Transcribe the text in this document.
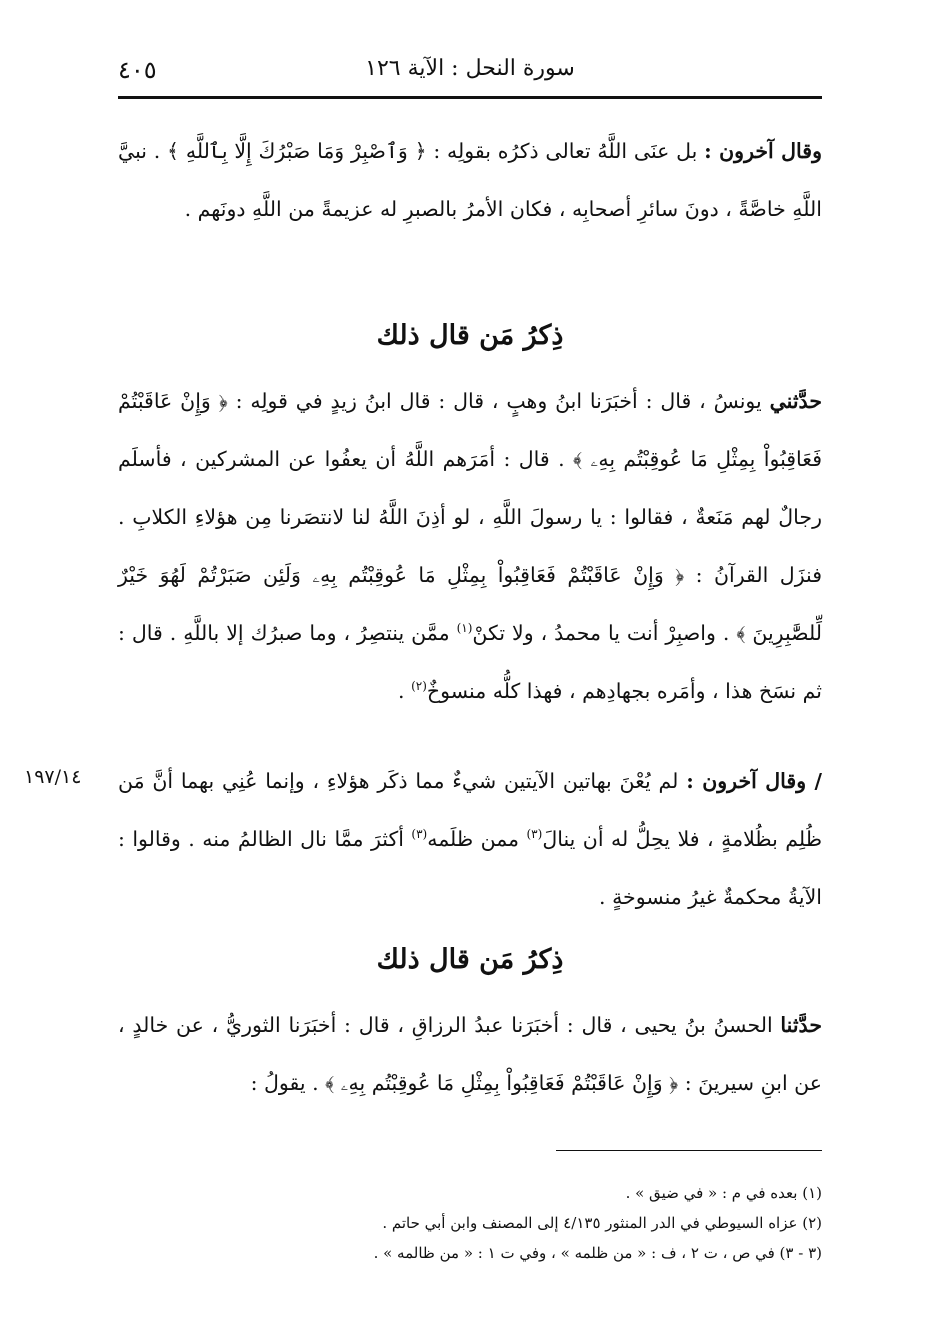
٤٠٥	سورة النحل : الآية ١٢٦

وقال آخرون : بل عنَى اللَّهُ تعالى ذكرُه بقولِه : ﴿ وَٱصْبِرْ وَمَا صَبْرُكَ إِلَّا بِٱللَّهِ ﴾ . نبيَّ اللَّهِ خاصَّةً ، دونَ سائرِ أصحابِه ، فكان الأمرُ بالصبرِ له عزيمةً من اللَّهِ دونَهم .

ذِكرُ مَن قال ذلك

حدَّثني يونسُ ، قال : أخبَرَنا ابنُ وهبٍ ، قال : قال ابنُ زيدٍ في قولِه : ﴿ وَإِنْ عَاقَبْتُمْ فَعَاقِبُواْ بِمِثْلِ مَا عُوقِبْتُم بِهِۦ ﴾ . قال : أمَرَهم اللَّهُ أن يعفُوا عن المشركين ، فأسلَم رجالٌ لهم مَنَعةٌ ، فقالوا : يا رسولَ اللَّهِ ، لو أذِنَ اللَّهُ لنا لانتصَرنا مِن هؤلاءِ الكلابِ . فنزَل القرآنُ : ﴿ وَإِنْ عَاقَبْتُمْ فَعَاقِبُواْ بِمِثْلِ مَا عُوقِبْتُم بِهِۦ وَلَئِن صَبَرْتُمْ لَهُوَ خَيْرٌ لِّلصَّٰبِرِينَ ﴾ . واصبِرْ أنت يا محمدُ ، ولا تكنْ$^{(١)}$ ممَّن ينتصِرُ ، وما صبرُك إلا باللَّهِ . قال : ثم نسَخ هذا ، وأمَره بجهادِهم ، فهذا كلُّه منسوخٌ$^{(٢)}$ .

١٩٧/١٤	/ وقال آخرون : لم يُعْنَ بهاتين الآيتين شيءٌ مما ذكَر هؤلاءِ ، وإنما عُنِي بهما أنَّ مَن ظُلِم بظُلامةٍ ، فلا يحِلُّ له أن ينالَ$^{(٣)}$ ممن ظلَمه$^{(٣)}$ أكثرَ ممَّا نال الظالمُ منه . وقالوا : الآيةُ محكمةٌ غيرُ منسوخةٍ .

ذِكرُ مَن قال ذلك

حدَّثنا الحسنُ بنُ يحيى ، قال : أخبَرَنا عبدُ الرزاقِ ، قال : أخبَرَنا الثوريُّ ، عن خالدٍ ، عن ابنِ سيرينَ : ﴿ وَإِنْ عَاقَبْتُمْ فَعَاقِبُواْ بِمِثْلِ مَا عُوقِبْتُم بِهِۦ ﴾ . يقولُ :

(١) بعده في م : « في ضيق » .

(٢) عزاه السيوطي في الدر المنثور ٤/١٣٥ إلى المصنف وابن أبي حاتم .

(٣ - ٣) في ص ، ت ٢ ، ف : « من ظلمه » ، وفي ت ١ : « من ظالمه » .
